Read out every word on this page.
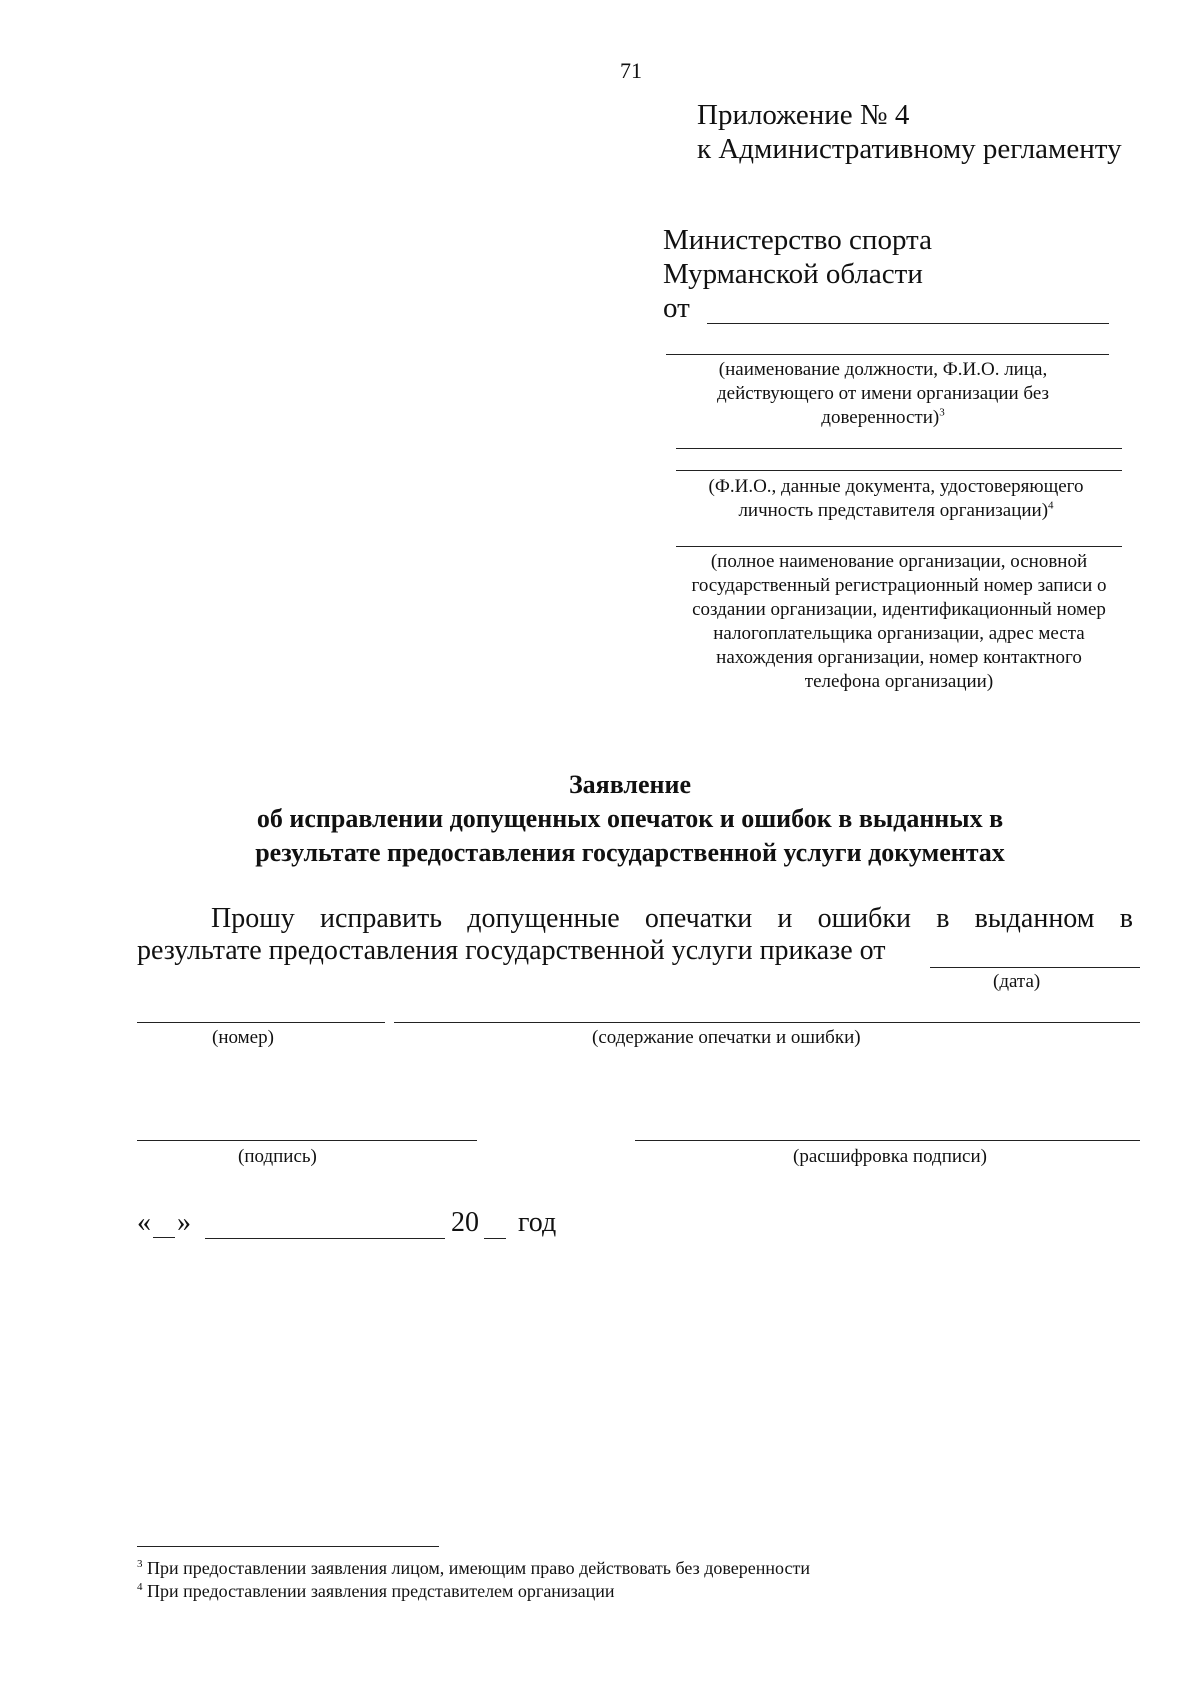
71
Приложение № 4
к Административному регламенту
Министерство спорта
Мурманской области
от
(наименование должности, Ф.И.О. лица,
действующего от имени организации без
доверенности)$^3$
(Ф.И.О., данные документа, удостоверяющего
личность представителя организации)$^4$
(полное наименование организации, основной
государственный регистрационный номер записи о
создании организации, идентификационный номер
налогоплательщика организации, адрес места
нахождения организации, номер контактного
телефона организации)
Заявление
об исправлении допущенных опечаток и ошибок в выданных в
результате предоставления государственной услуги документах
Прошу исправить допущенные опечатки и ошибки в выданном в
результате предоставления государственной услуги приказе от
(дата)
(номер)	(содержание опечатки и ошибки)
(подпись)	(расшифровка подписи)
« »	20 год
$^3$ При предоставлении заявления лицом, имеющим право действовать без доверенности
$^4$ При предоставлении заявления представителем организации
